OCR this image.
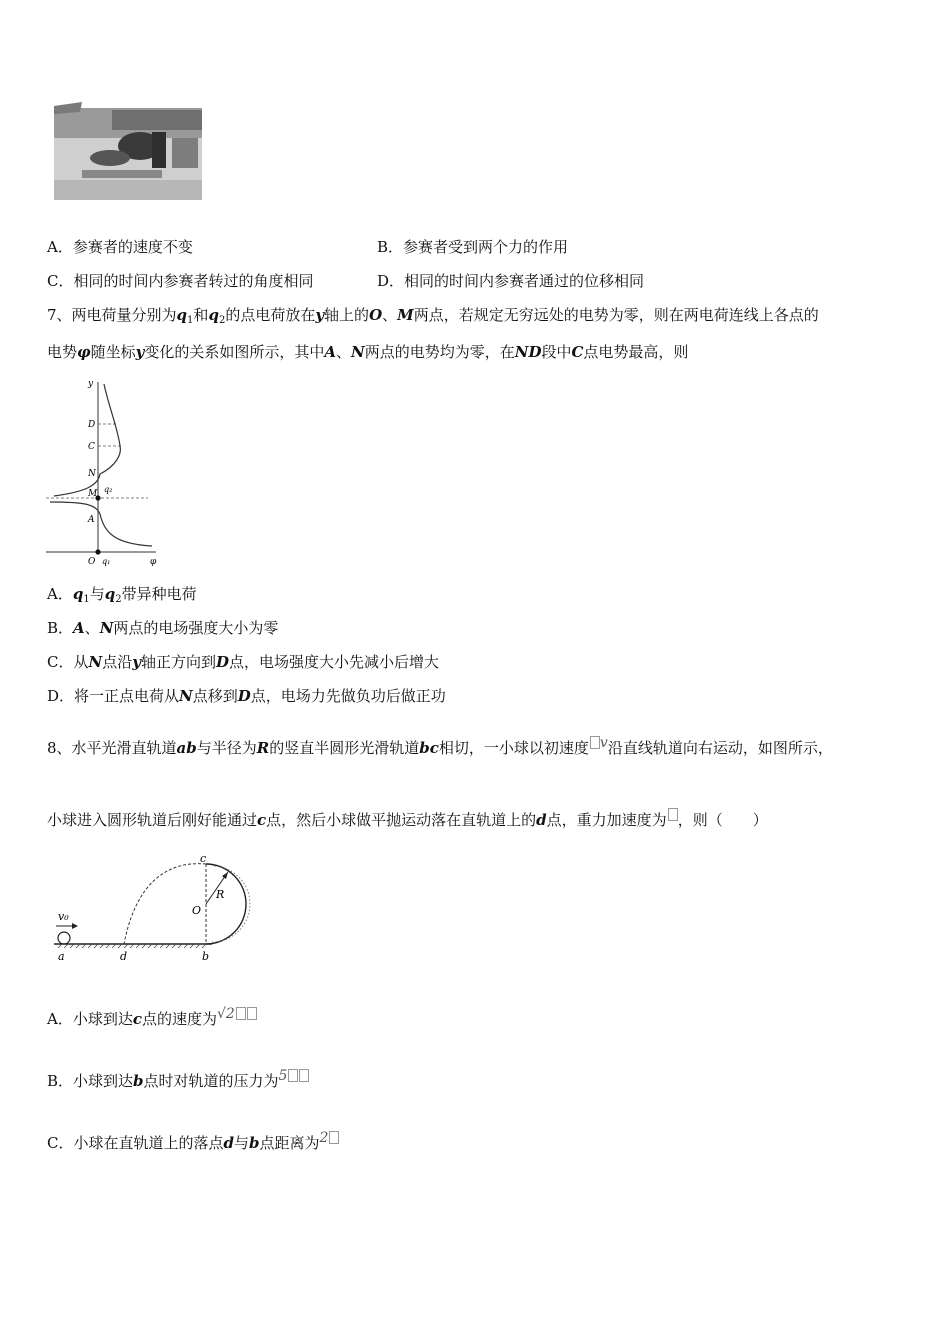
A．参赛者的速度不变	B．参赛者受到两个力的作用
C．相同的时间内参赛者转过的角度相同	D．相同的时间内参赛者通过的位移相同
7、两电荷量分别为$q_1$和$q_2$的点电荷放在y轴上的O、M两点，若规定无穷远处的电势为零，则在两电荷连线上各点的
电势φ随坐标y变化的关系如图所示，其中A、N两点的电势均为零，在ND段中C点电势最高，则
y
D
C
N
M q₂
A
O q₁	φ
A．$q_1$与$q_2$带异种电荷
B．A、N两点的电场强度大小为零
C．从N点沿y轴正方向到D点，电场强度大小先减小后增大
D．将一正点电荷从N点移到D点，电场力先做负功后做正功
8、水平光滑直轨道ab与半径为R的竖直半圆形光滑轨道bc相切，一小球以初速度 v沿直线轨道向右运动，如图所示，
小球进入圆形轨道后刚好能通过c点，然后小球做平抛运动落在直轨道上的d点，重力加速度为 ，则（　　）
v₀
a	d	b
c
O
R
A．小球到达c点的速度为√2
B．小球到达b点时对轨道的压力为5
C．小球在直轨道上的落点d与b点距离为2
